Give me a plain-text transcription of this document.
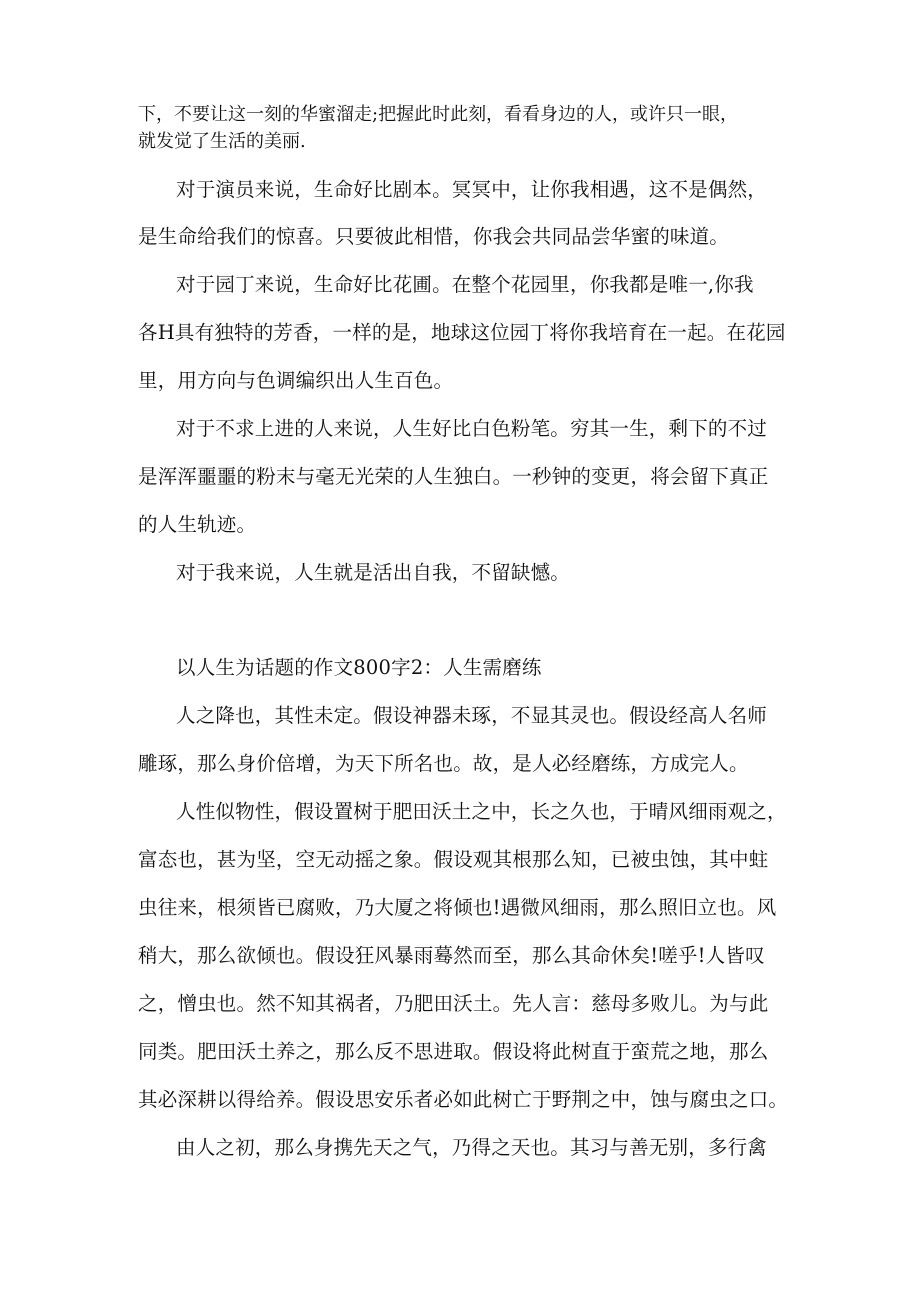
下，不要让这一刻的华蜜溜走;把握此时此刻，看看身边的人，或许只一眼，
就发觉了生活的美丽.
对于演员来说，生命好比剧本。冥冥中，让你我相遇，这不是偶然，
是生命给我们的惊喜。只要彼此相惜，你我会共同品尝华蜜的味道。
对于园丁来说，生命好比花圃。在整个花园里，你我都是唯一,你我
各H具有独特的芳香，一样的是，地球这位园丁将你我培育在一起。在花园
里，用方向与色调编织出人生百色。
对于不求上进的人来说，人生好比白色粉笔。穷其一生，剩下的不过
是浑浑噩噩的粉末与毫无光荣的人生独白。一秒钟的变更，将会留下真正
的人生轨迹。
对于我来说，人生就是活出自我，不留缺憾。
以人生为话题的作文800字2：人生需磨练
人之降也，其性未定。假设神器未琢，不显其灵也。假设经高人名师
雕琢，那么身价倍增，为天下所名也。故，是人必经磨练，方成完人。
人性似物性，假设置树于肥田沃土之中，长之久也，于晴风细雨观之，
富态也，甚为坚，空无动摇之象。假设观其根那么知，已被虫蚀，其中蛀
虫往来，根须皆已腐败，乃大厦之将倾也!遇微风细雨，那么照旧立也。风
稍大，那么欲倾也。假设狂风暴雨蓦然而至，那么其命休矣!嗟乎!人皆叹
之，憎虫也。然不知其祸者，乃肥田沃土。先人言：慈母多败儿。为与此
同类。肥田沃土养之，那么反不思进取。假设将此树直于蛮荒之地，那么
其必深耕以得给养。假设思安乐者必如此树亡于野荆之中，蚀与腐虫之口。
由人之初，那么身携先天之气，乃得之天也。其习与善无别，多行禽
